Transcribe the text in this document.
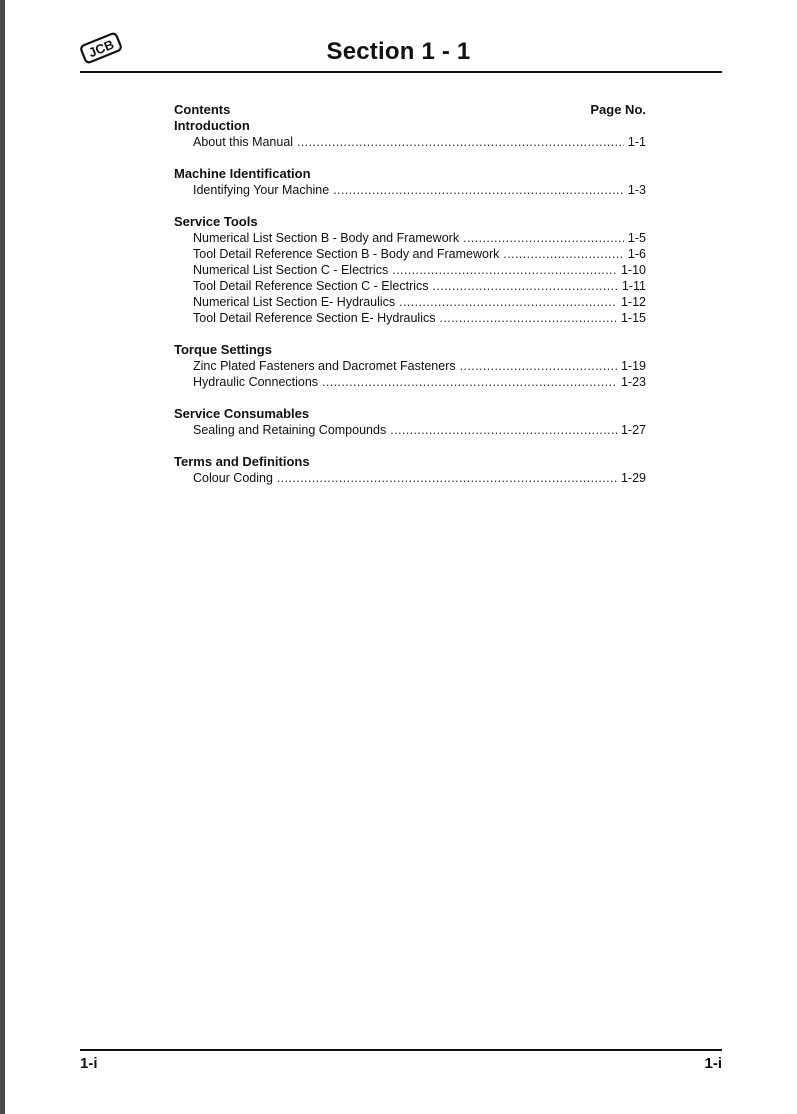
JCB	Section 1 - 1
Contents	Page No.
Introduction
About this Manual .....	1-1
Machine Identification
Identifying Your Machine .....	1-3
Service Tools
Numerical List Section B - Body and Framework .....	1-5
Tool Detail Reference Section B - Body and Framework .....	1-6
Numerical List Section C - Electrics .....	1-10
Tool Detail Reference Section C - Electrics .....	1-11
Numerical List Section E- Hydraulics .....	1-12
Tool Detail Reference Section E- Hydraulics .....	1-15
Torque Settings
Zinc Plated Fasteners and Dacromet Fasteners .....	1-19
Hydraulic Connections .....	1-23
Service Consumables
Sealing and Retaining Compounds .....	1-27
Terms and Definitions
Colour Coding .....	1-29
1-i	1-i
